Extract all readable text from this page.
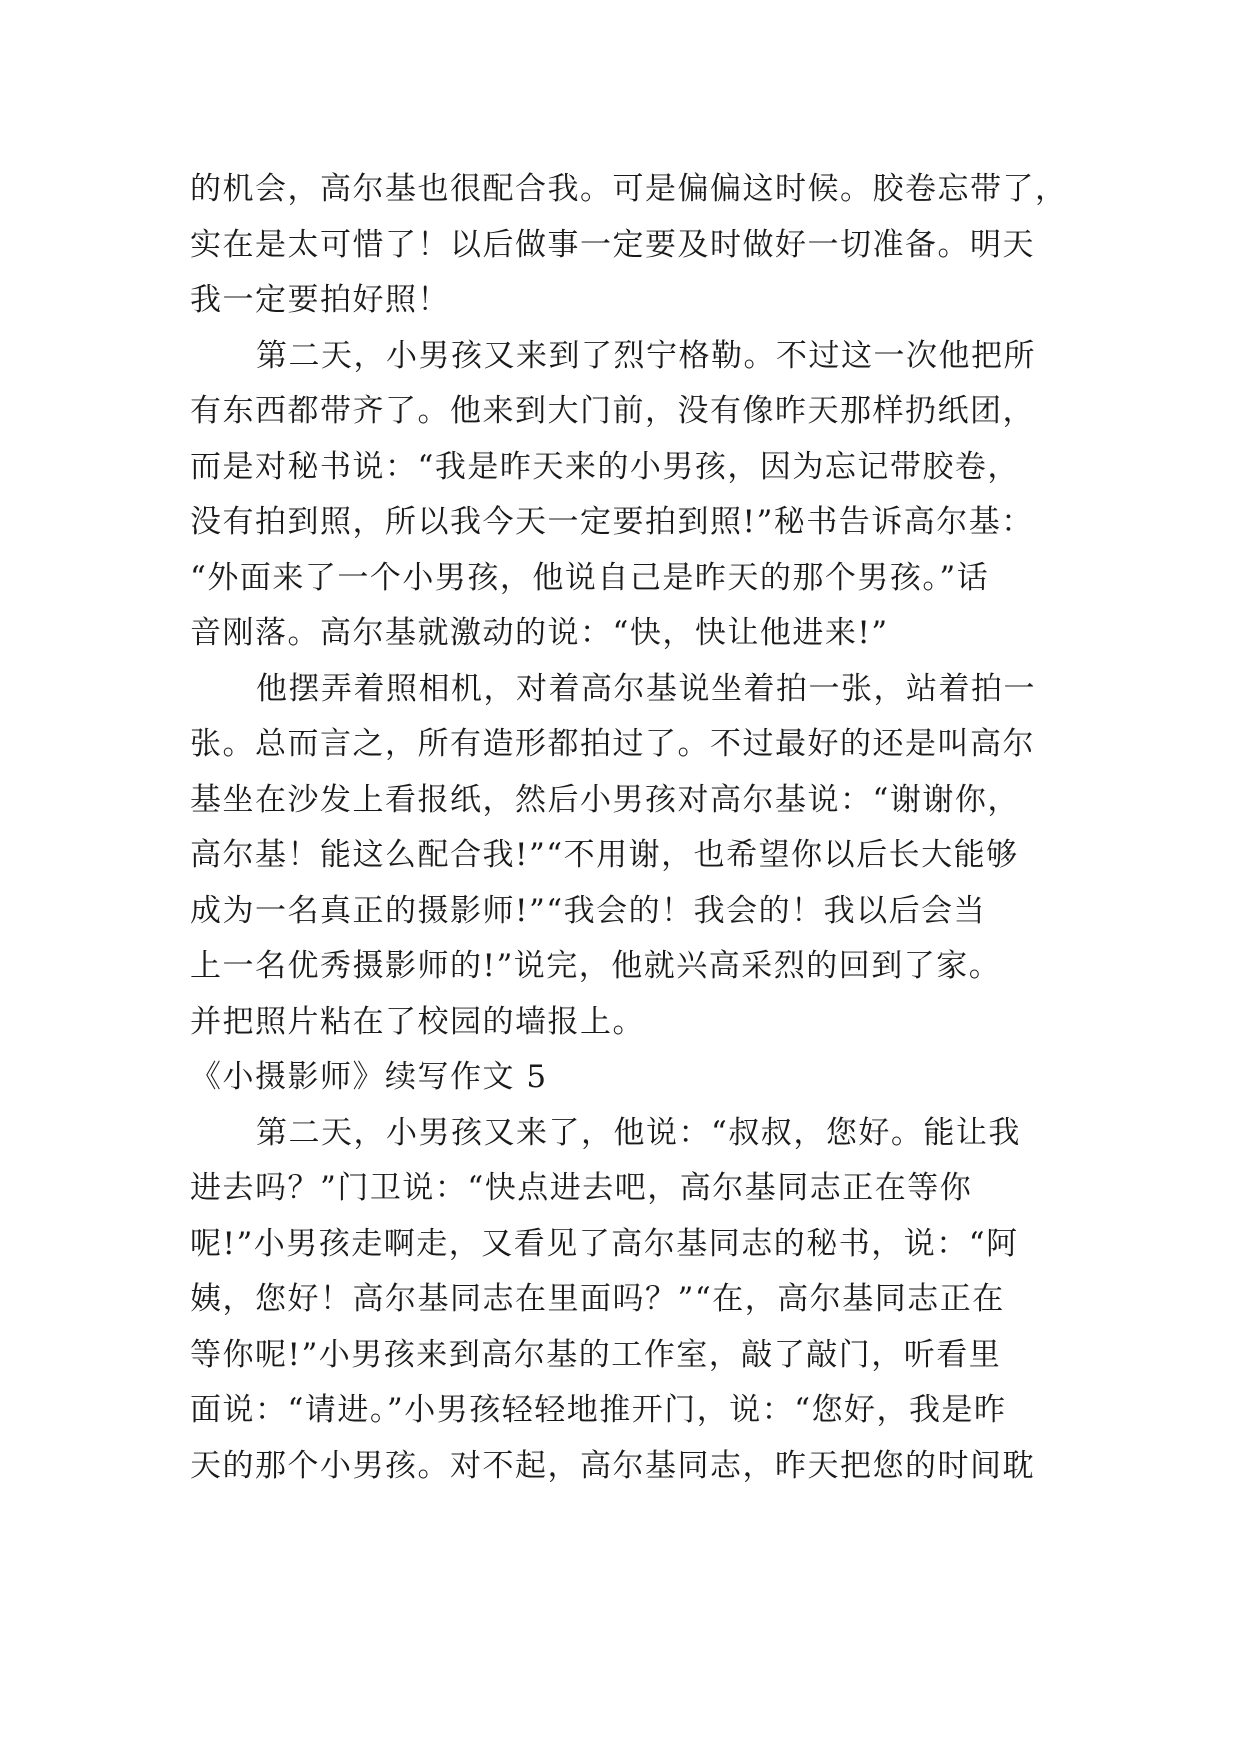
的机会，高尔基也很配合我。可是偏偏这时候。胶卷忘带了，
实在是太可惜了！以后做事一定要及时做好一切准备。明天
我一定要拍好照！
第二天，小男孩又来到了烈宁格勒。不过这一次他把所
有东西都带齐了。他来到大门前，没有像昨天那样扔纸团，
而是对秘书说：“我是昨天来的小男孩，因为忘记带胶卷，
没有拍到照，所以我今天一定要拍到照!”秘书告诉高尔基：
“外面来了一个小男孩，他说自己是昨天的那个男孩。”话
音刚落。高尔基就激动的说：“快，快让他进来!”
他摆弄着照相机，对着高尔基说坐着拍一张，站着拍一
张。总而言之，所有造形都拍过了。不过最好的还是叫高尔
基坐在沙发上看报纸，然后小男孩对高尔基说：“谢谢你，
高尔基！能这么配合我!”“不用谢，也希望你以后长大能够
成为一名真正的摄影师!”“我会的！我会的！我以后会当
上一名优秀摄影师的!”说完，他就兴高采烈的回到了家。
并把照片粘在了校园的墙报上。
《小摄影师》续写作文 5
第二天，小男孩又来了，他说：“叔叔，您好。能让我
进去吗？”门卫说：“快点进去吧，高尔基同志正在等你
呢!”小男孩走啊走，又看见了高尔基同志的秘书，说：“阿
姨，您好！高尔基同志在里面吗？”“在，高尔基同志正在
等你呢!”小男孩来到高尔基的工作室，敲了敲门，听看里
面说：“请进。”小男孩轻轻地推开门，说：“您好，我是昨
天的那个小男孩。对不起，高尔基同志，昨天把您的时间耽
